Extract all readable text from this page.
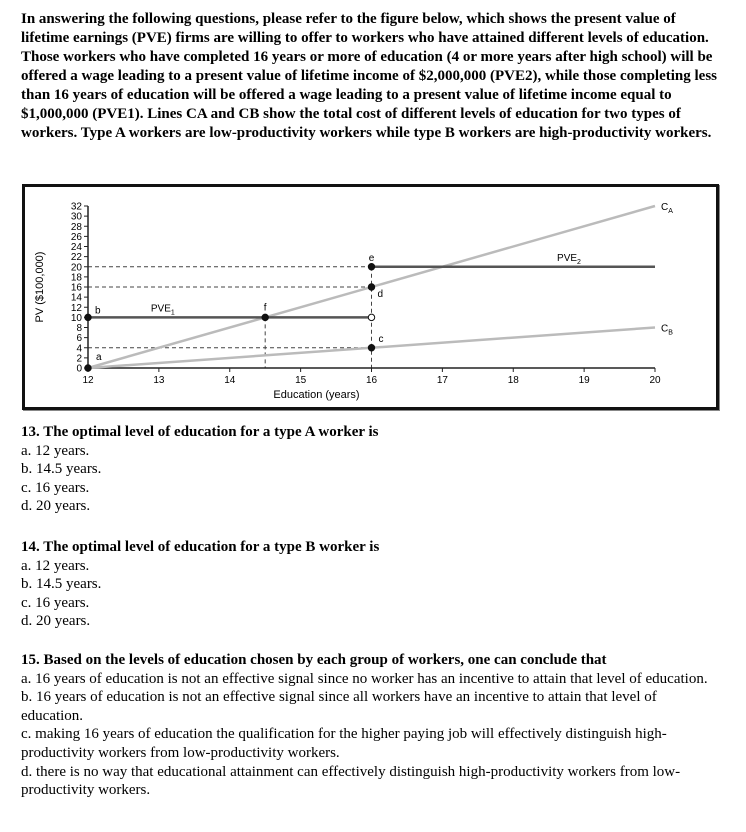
In answering the following questions, please refer to the figure below, which shows the present value of lifetime earnings (PVE) firms are willing to offer to workers who have attained different levels of education. Those workers who have completed 16 years or more of education (4 or more years after high school) will be offered a wage leading to a present value of lifetime income of $2,000,000 (PVE2), while those completing less than 16 years of education will be offered a wage leading to a present value of lifetime income equal to $1,000,000 (PVE1). Lines CA and CB show the total cost of different levels of education for two types of workers. Type A workers are low-productivity workers while type B workers are high-productivity workers.
0
2
4
6
8
10
12
14
16
18
20
22
24
26
28
30
32
12	13	14	15	16	17	18	19	20
Education (years)
PV ($100,000)
$C_A$
$C_B$
$PVE_1$
$PVE_2$
a
b	f
e
d
c
13. The optimal level of education for a type A worker is
a. 12 years.
b. 14.5 years.
c. 16 years.
d. 20 years.
14. The optimal level of education for a type B worker is
a. 12 years.
b. 14.5 years.
c. 16 years.
d. 20 years.
15. Based on the levels of education chosen by each group of workers, one can conclude that
a. 16 years of education is not an effective signal since no worker has an incentive to attain that level of education.
b. 16 years of education is not an effective signal since all workers have an incentive to attain that level of education.
c. making 16 years of education the qualification for the higher paying job will effectively distinguish high-productivity workers from low-productivity workers.
d. there is no way that educational attainment can effectively distinguish high-productivity workers from low-productivity workers.
